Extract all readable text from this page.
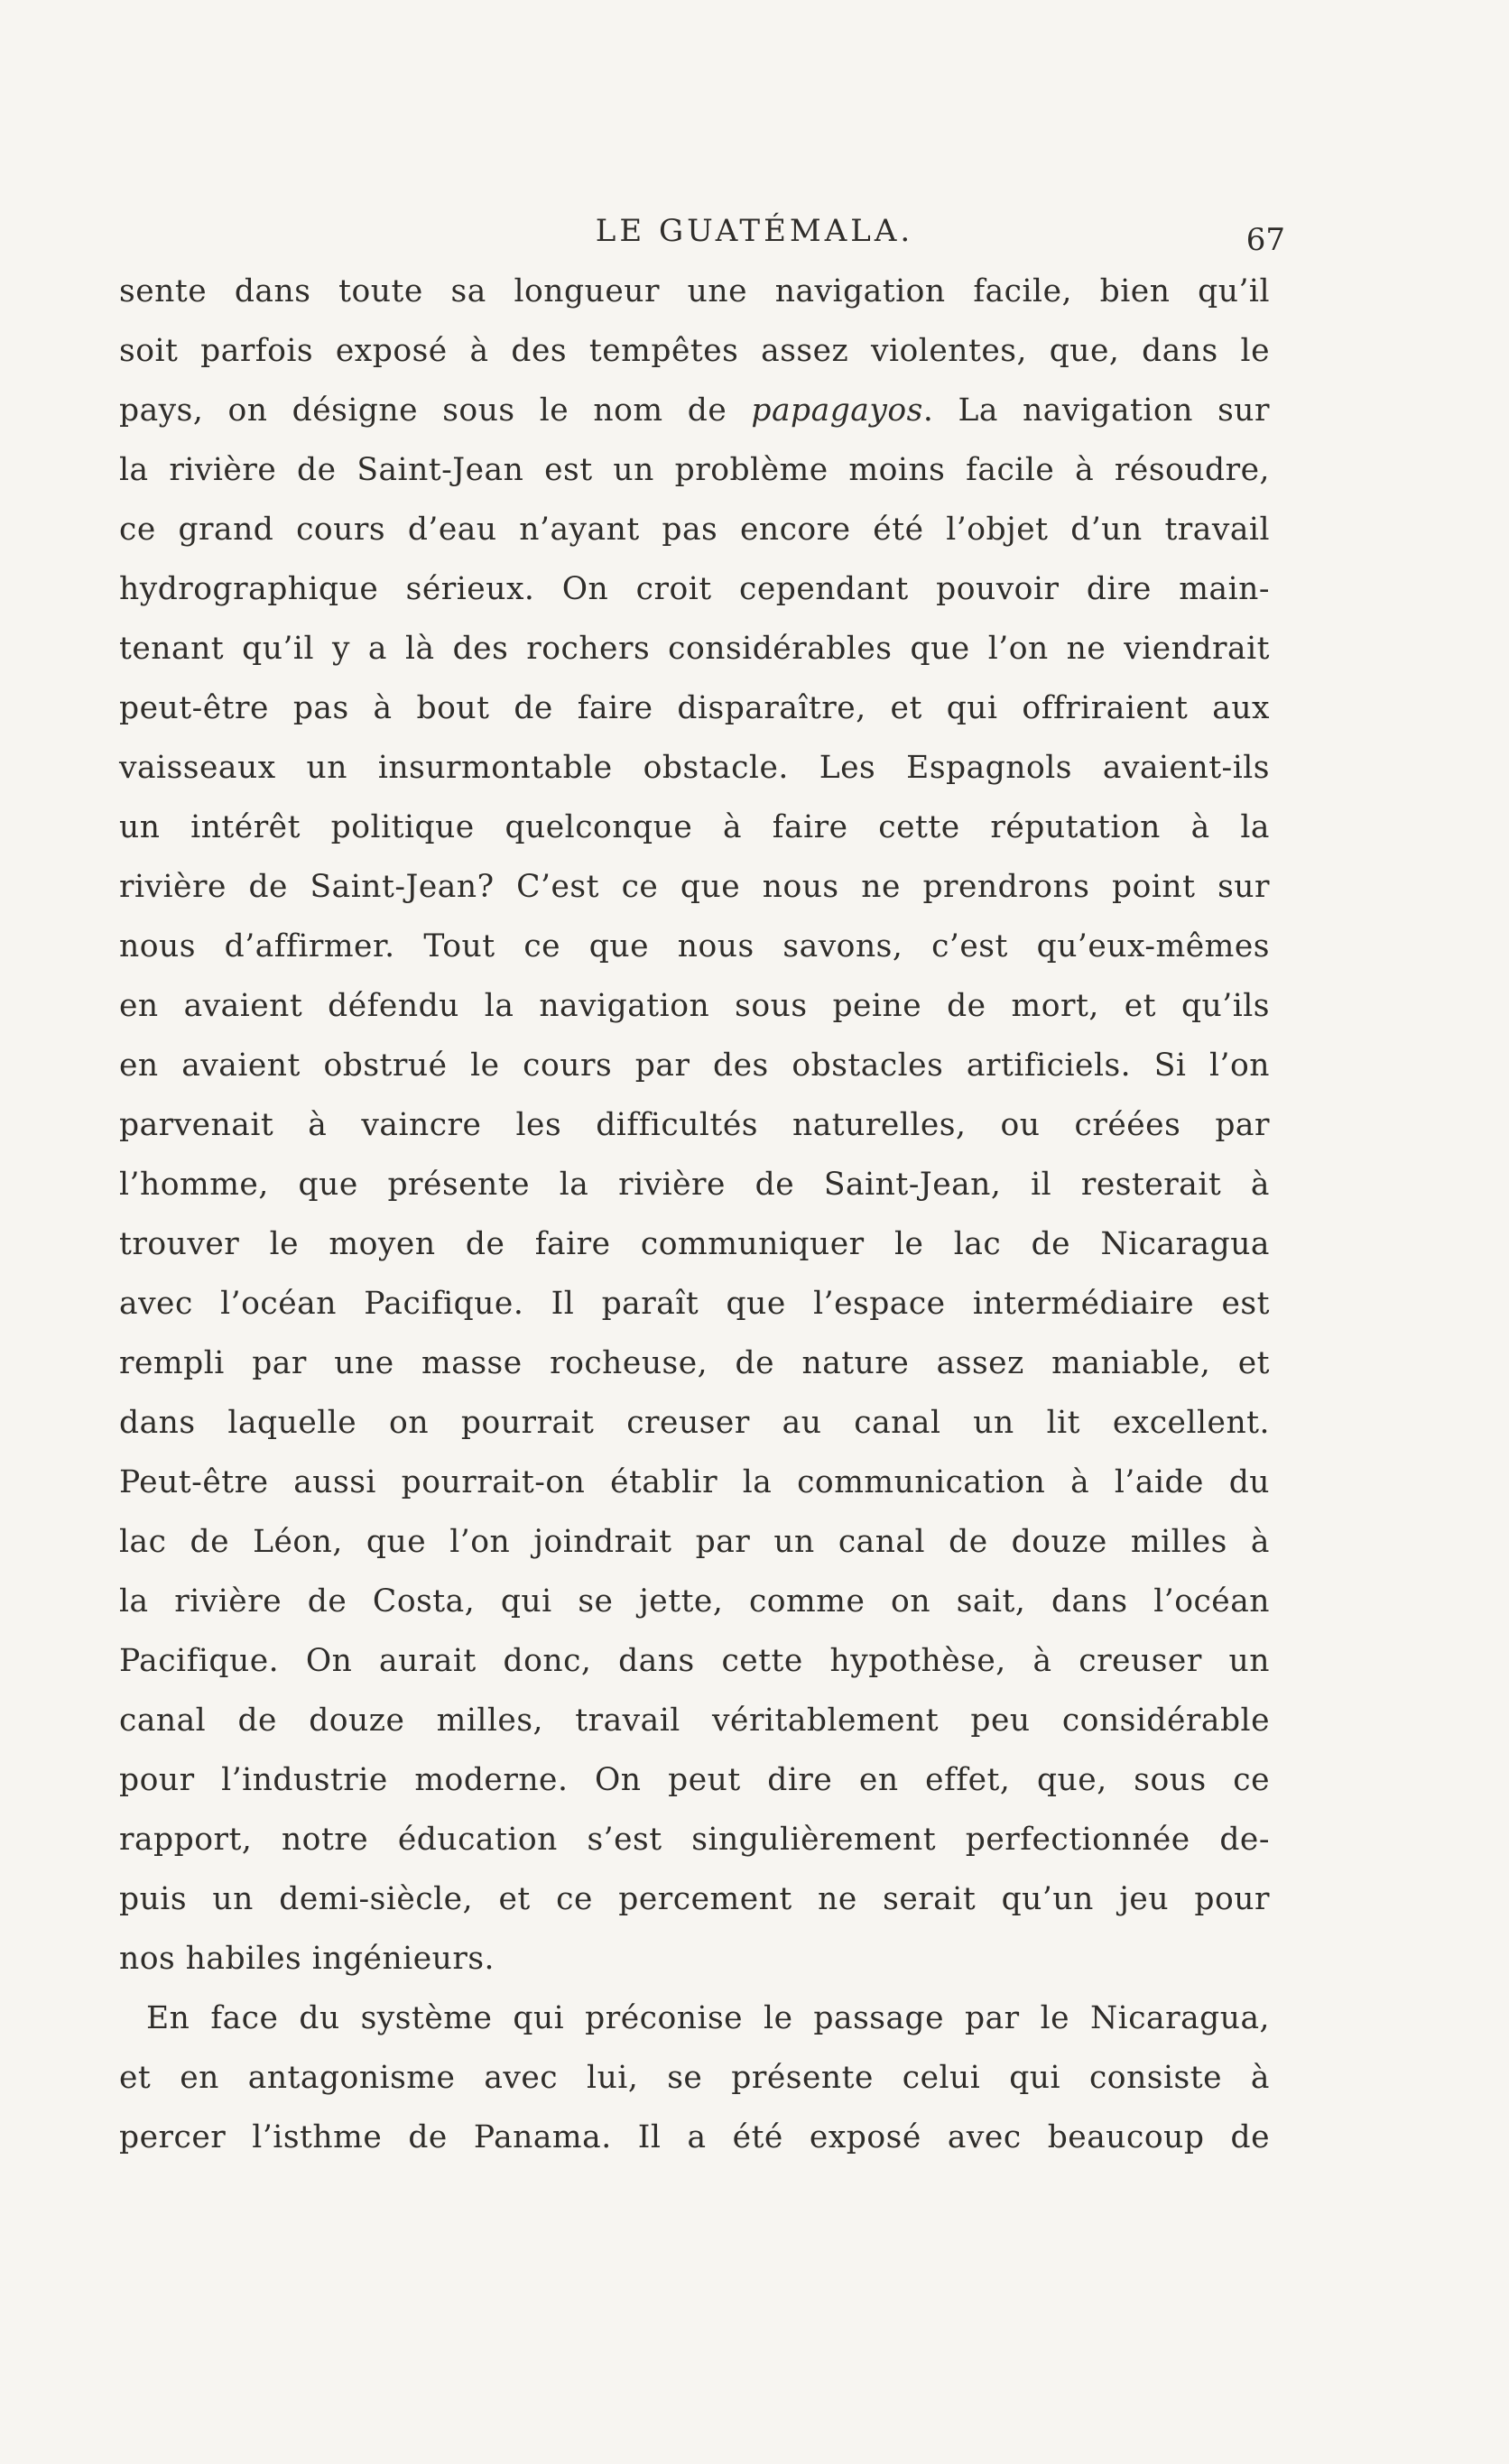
LE GUATÉMALA.	67
sente dans toute sa longueur une navigation facile, bien qu’il
soit parfois exposé à des tempêtes assez violentes, que, dans le
pays, on désigne sous le nom de papagayos. La navigation sur
la rivière de Saint-Jean est un problème moins facile à résoudre,
ce grand cours d’eau n’ayant pas encore été l’objet d’un travail
hydrographique sérieux. On croit cependant pouvoir dire main-
tenant qu’il y a là des rochers considérables que l’on ne viendrait
peut-être pas à bout de faire disparaître, et qui offriraient aux
vaisseaux un insurmontable obstacle. Les Espagnols avaient-ils
un intérêt politique quelconque à faire cette réputation à la
rivière de Saint-Jean? C’est ce que nous ne prendrons point sur
nous d’affirmer. Tout ce que nous savons, c’est qu’eux-mêmes
en avaient défendu la navigation sous peine de mort, et qu’ils
en avaient obstrué le cours par des obstacles artificiels. Si l’on
parvenait à vaincre les difficultés naturelles, ou créées par
l’homme, que présente la rivière de Saint-Jean, il resterait à
trouver le moyen de faire communiquer le lac de Nicaragua
avec l’océan Pacifique. Il paraît que l’espace intermédiaire est
rempli par une masse rocheuse, de nature assez maniable, et
dans laquelle on pourrait creuser au canal un lit excellent.
Peut-être aussi pourrait-on établir la communication à l’aide du
lac de Léon, que l’on joindrait par un canal de douze milles à
la rivière de Costa, qui se jette, comme on sait, dans l’océan
Pacifique. On aurait donc, dans cette hypothèse, à creuser un
canal de douze milles, travail véritablement peu considérable
pour l’industrie moderne. On peut dire en effet, que, sous ce
rapport, notre éducation s’est singulièrement perfectionnée de-
puis un demi-siècle, et ce percement ne serait qu’un jeu pour
nos habiles ingénieurs.
En face du système qui préconise le passage par le Nicaragua,
et en antagonisme avec lui, se présente celui qui consiste à
percer l’isthme de Panama. Il a été exposé avec beaucoup de
